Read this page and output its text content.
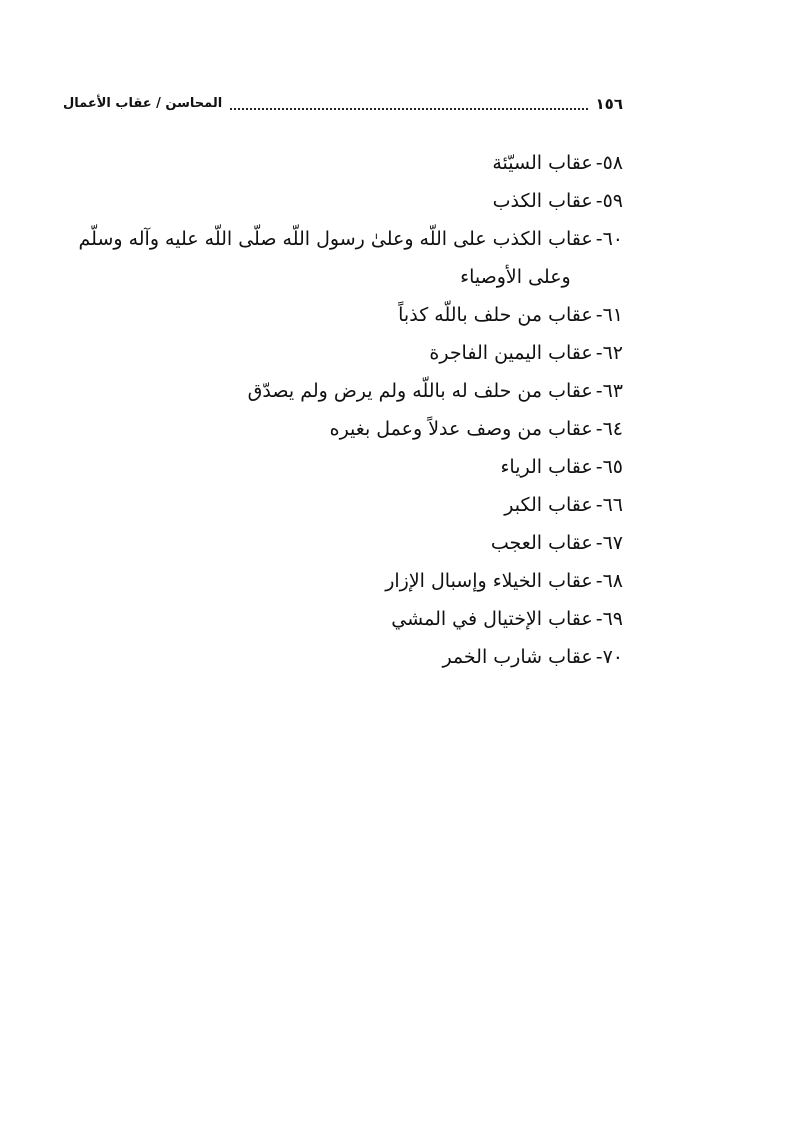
١٥٦
المحاسن / عقاب الأعمال
٥٨-
عقاب السيّئة
٥٩-
عقاب الكذب
٦٠-
عقاب الكذب على اللّه وعلىٰ رسول اللّه صلّى اللّه عليه وآله وسلّم
وعلى الأوصياء
٦١-
عقاب من حلف باللّه كذباً
٦٢-
عقاب اليمين الفاجرة
٦٣-
عقاب من حلف له باللّه ولم يرض ولم يصدّق
٦٤-
عقاب من وصف عدلاً وعمل بغيره
٦٥-
عقاب الرياء
٦٦-
عقاب الكبر
٦٧-
عقاب العجب
٦٨-
عقاب الخيلاء وإسبال الإزار
٦٩-
عقاب الإختيال في المشي
٧٠-
عقاب شارب الخمر
